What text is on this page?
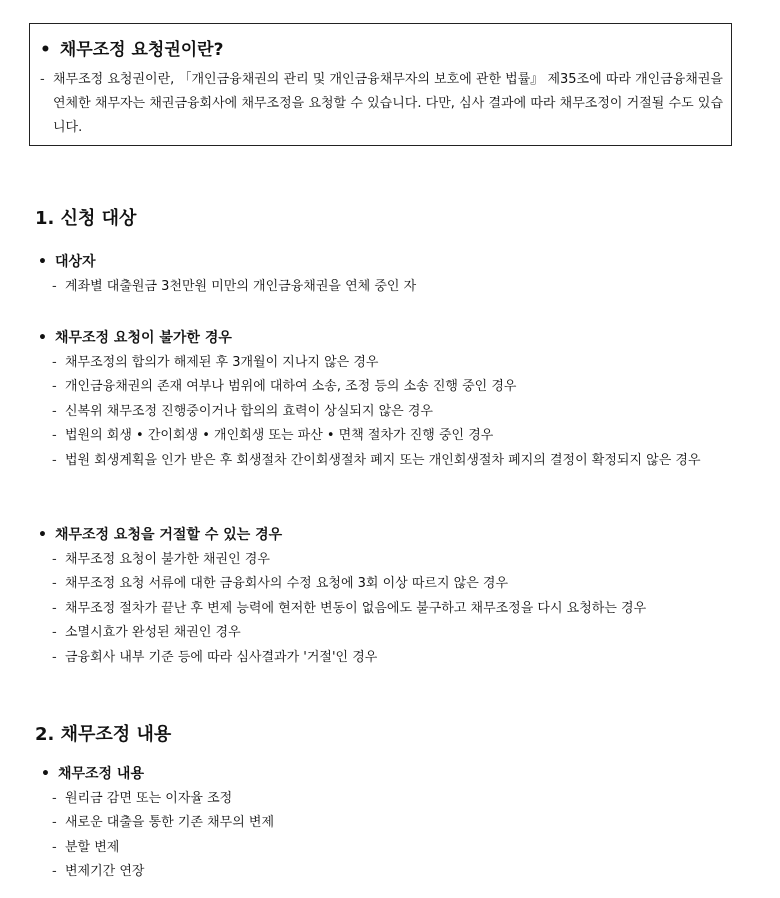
• 채무조정 요청권이란?
- 채무조정 요청권이란, 「개인금융채권의 관리 및 개인금융채무자의 보호에 관한 법률』 제35조에 따라 개인금융채권을 연체한 채무자는 채권금융회사에 채무조정을 요청할 수 있습니다. 다만, 심사 결과에 따라 채무조정이 거절될 수도 있습니다.

1. 신청 대상
• 대상자
- 계좌별 대출원금 3천만원 미만의 개인금융채권을 연체 중인 자
• 채무조정 요청이 불가한 경우
- 채무조정의 합의가 해제된 후 3개월이 지나지 않은 경우
- 개인금융채권의 존재 여부나 범위에 대하여 소송, 조정 등의 소송 진행 중인 경우
- 신복위 채무조정 진행중이거나 합의의 효력이 상실되지 않은 경우
- 법원의 회생 • 간이회생 • 개인회생 또는 파산 • 면책 절차가 진행 중인 경우
- 법원 회생계획을 인가 받은 후 회생절차 간이회생절차 폐지 또는 개인회생절차 폐지의 결정이 확정되지 않은 경우
• 채무조정 요청을 거절할 수 있는 경우
- 채무조정 요청이 불가한 채권인 경우
- 채무조정 요청 서류에 대한 금융회사의 수정 요청에 3회 이상 따르지 않은 경우
- 채무조정 절차가 끝난 후 변제 능력에 현저한 변동이 없음에도 불구하고 채무조정을 다시 요청하는 경우
- 소멸시효가 완성된 채권인 경우
- 금융회사 내부 기준 등에 따라 심사결과가 '거절'인 경우
2. 채무조정 내용
• 채무조정 내용
- 원리금 감면 또는 이자율 조정
- 새로운 대출을 통한 기존 채무의 변제
- 분할 변제
- 변제기간 연장
